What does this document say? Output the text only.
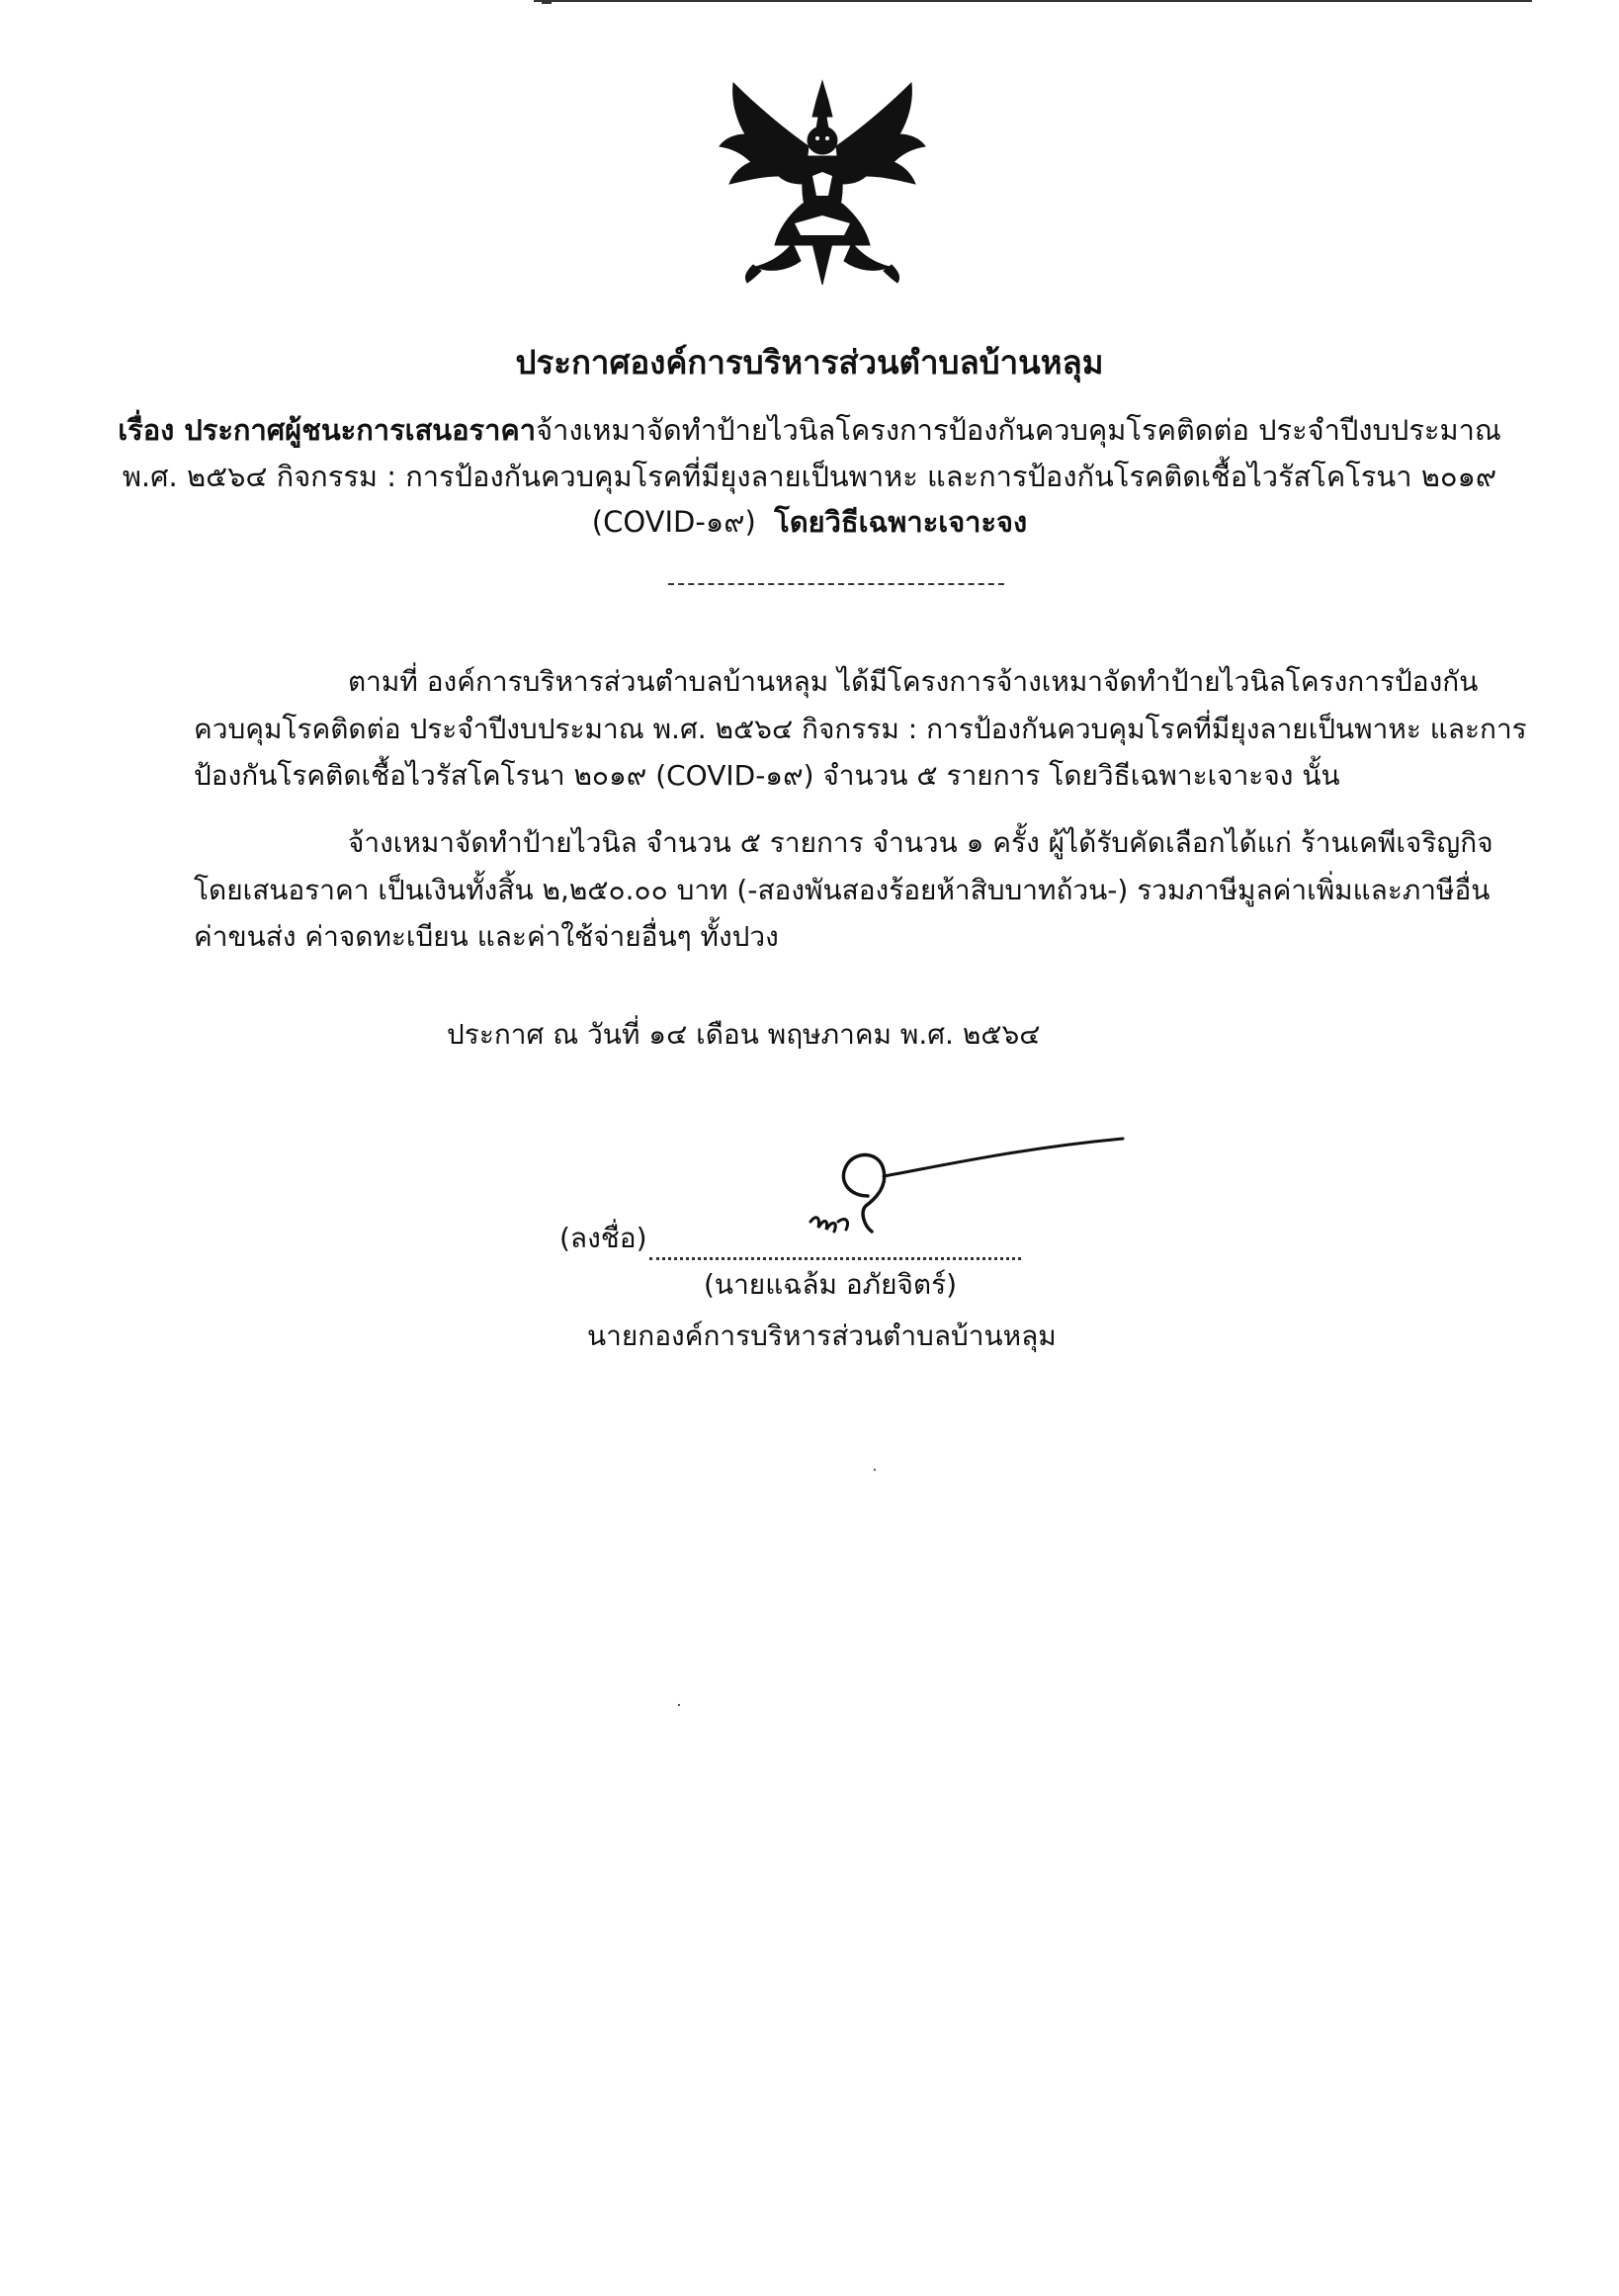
ประกาศองค์การบริหารส่วนตำบลบ้านหลุม
เรื่อง ประกาศผู้ชนะการเสนอราคาจ้างเหมาจัดทำป้ายไวนิลโครงการป้องกันควบคุมโรคติดต่อ ประจำปีงบประมาณ
พ.ศ. ๒๕๖๔ กิจกรรม : การป้องกันควบคุมโรคที่มียุงลายเป็นพาหะ และการป้องกันโรคติดเชื้อไวรัสโคโรนา ๒๐๑๙
(COVID-๑๙) โดยวิธีเฉพาะเจาะจง
ตามที่ องค์การบริหารส่วนตำบลบ้านหลุม ได้มีโครงการจ้างเหมาจัดทำป้ายไวนิลโครงการป้องกัน
ควบคุมโรคติดต่อ ประจำปีงบประมาณ พ.ศ. ๒๕๖๔ กิจกรรม : การป้องกันควบคุมโรคที่มียุงลายเป็นพาหะ และการ
ป้องกันโรคติดเชื้อไวรัสโคโรนา ๒๐๑๙ (COVID-๑๙) จำนวน ๕ รายการ โดยวิธีเฉพาะเจาะจง นั้น
จ้างเหมาจัดทำป้ายไวนิล จำนวน ๕ รายการ จำนวน ๑ ครั้ง ผู้ได้รับคัดเลือกได้แก่ ร้านเคพีเจริญกิจ
โดยเสนอราคา เป็นเงินทั้งสิ้น ๒,๒๕๐.๐๐ บาท (-สองพันสองร้อยห้าสิบบาทถ้วน-) รวมภาษีมูลค่าเพิ่มและภาษีอื่น
ค่าขนส่ง ค่าจดทะเบียน และค่าใช้จ่ายอื่นๆ ทั้งปวง
ประกาศ ณ วันที่ ๑๔ เดือน พฤษภาคม พ.ศ. ๒๕๖๔
(ลงชื่อ)
(นายแฉล้ม อภัยจิตร์)
นายกองค์การบริหารส่วนตำบลบ้านหลุม
